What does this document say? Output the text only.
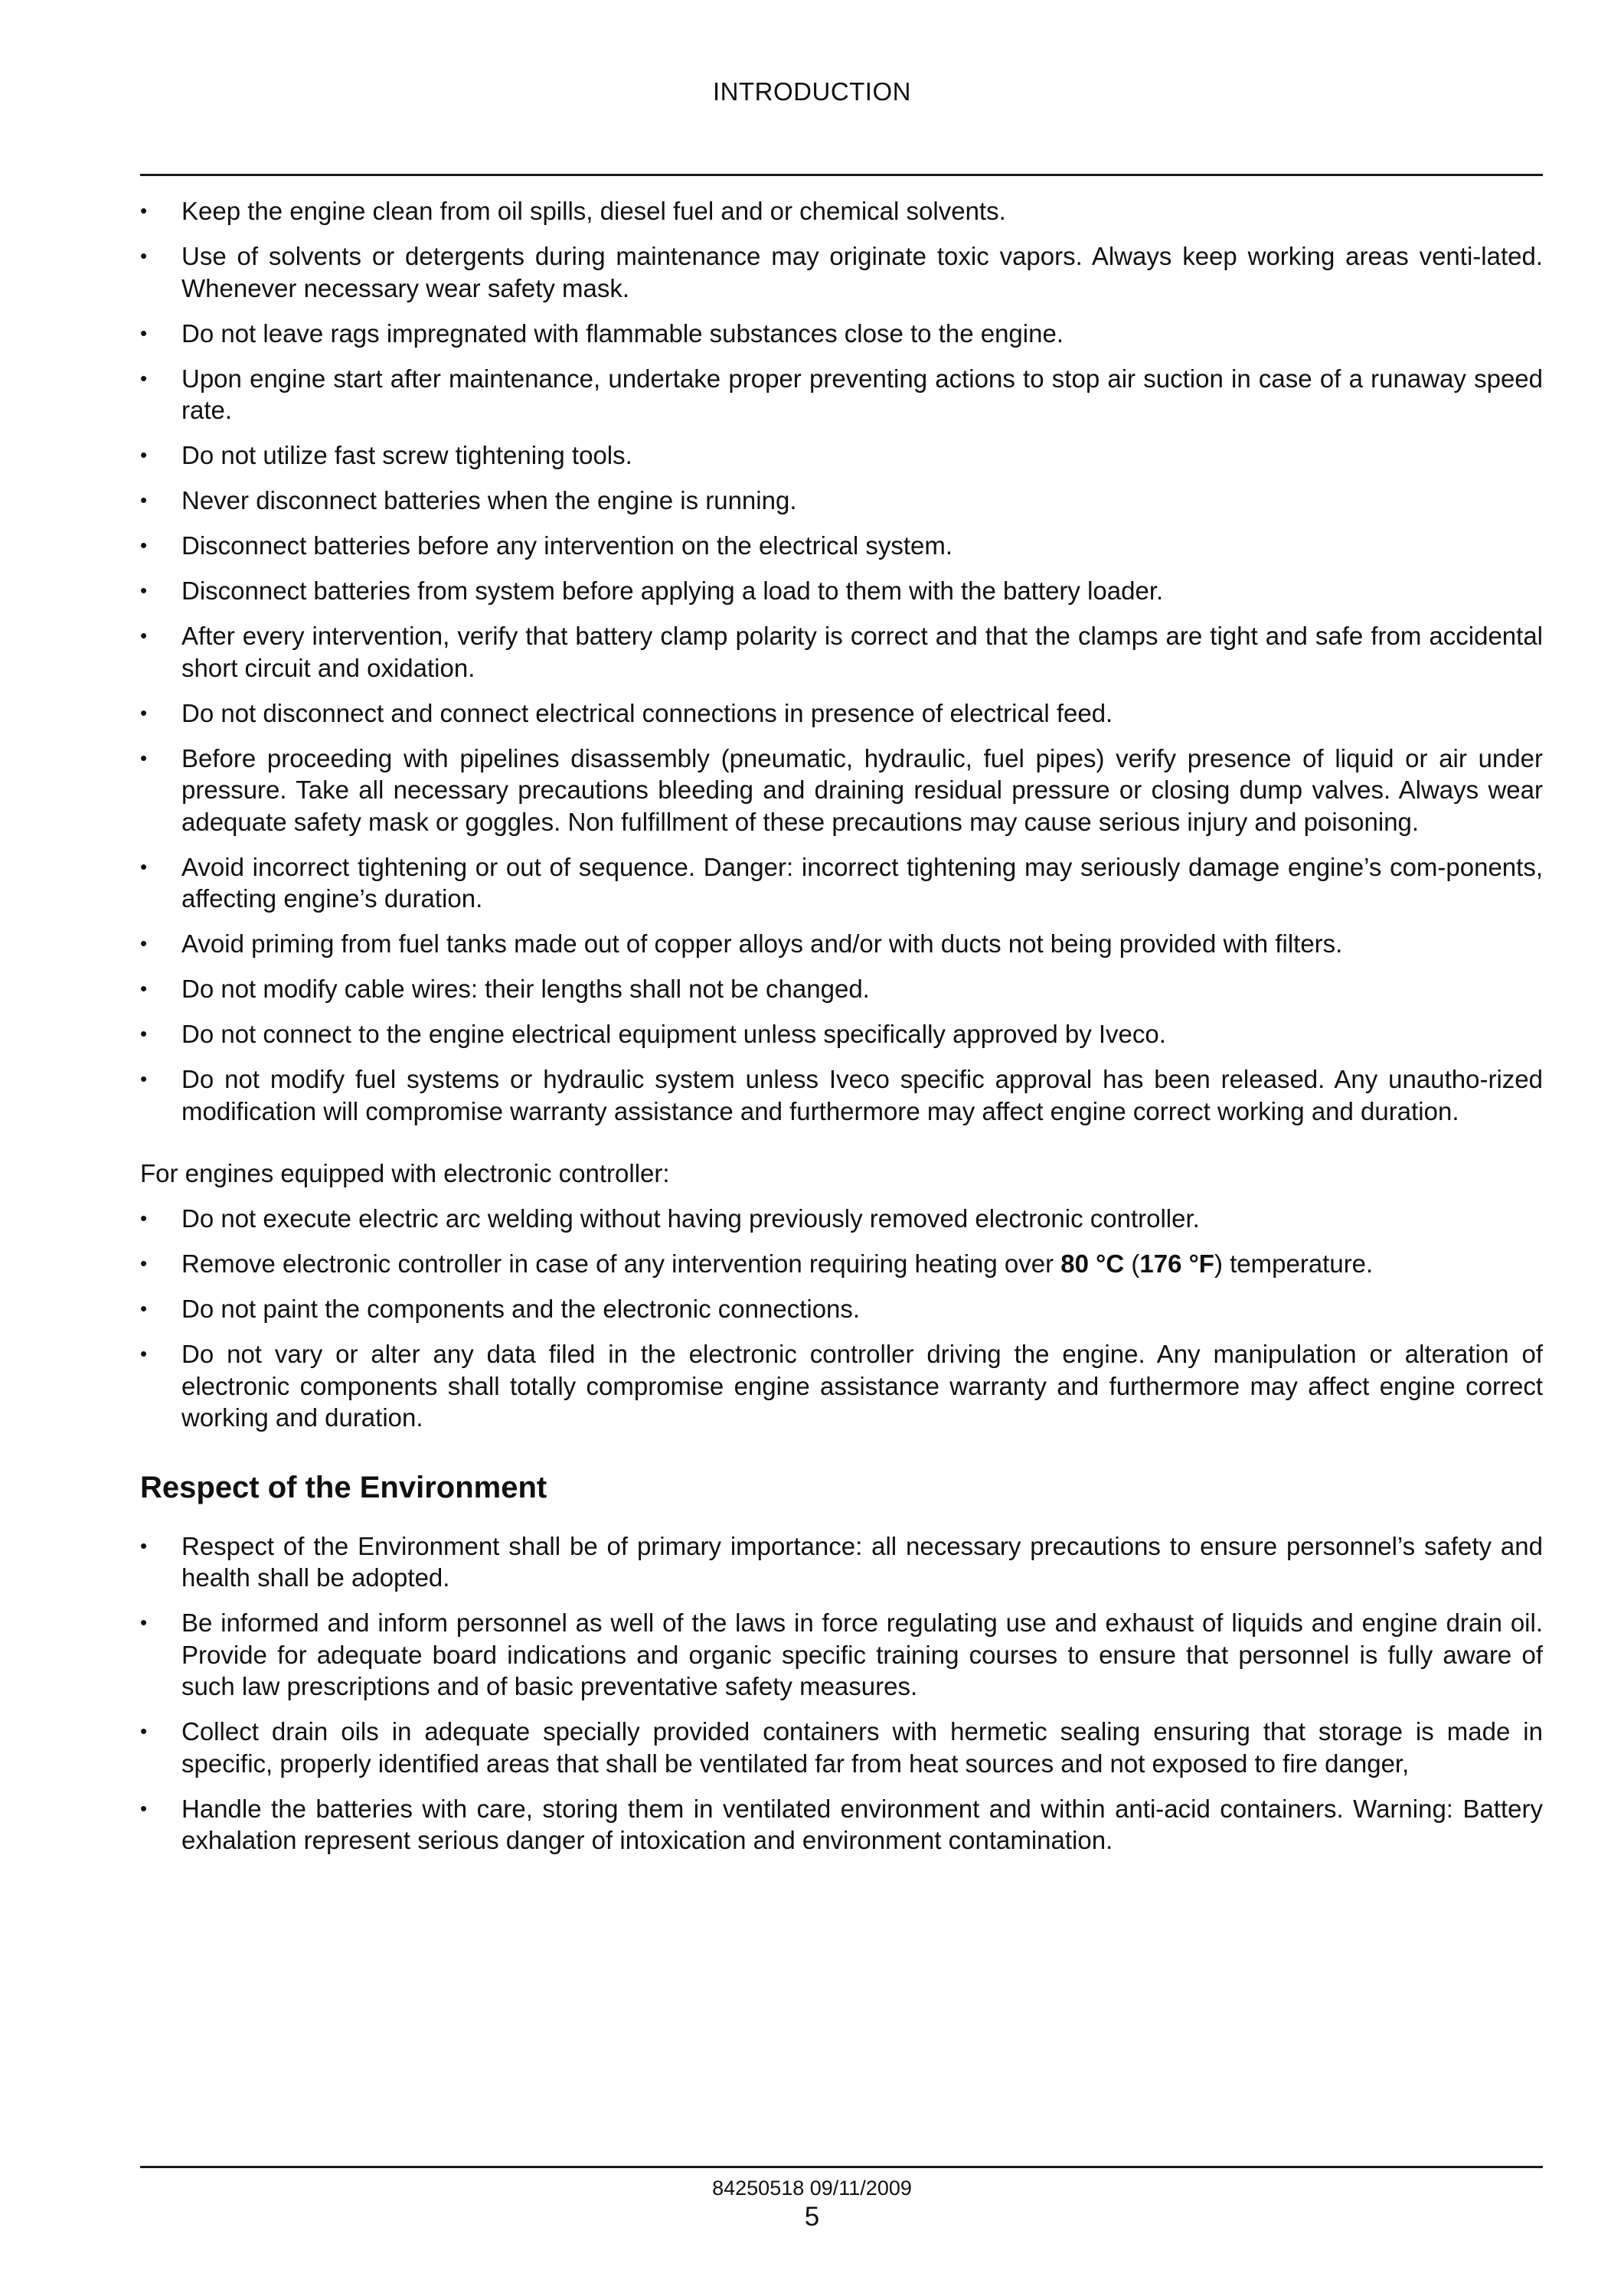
INTRODUCTION
• Keep the engine clean from oil spills, diesel fuel and or chemical solvents.
• Use of solvents or detergents during maintenance may originate toxic vapors. Always keep working areas venti-lated. Whenever necessary wear safety mask.
• Do not leave rags impregnated with flammable substances close to the engine.
• Upon engine start after maintenance, undertake proper preventing actions to stop air suction in case of a runaway speed rate.
• Do not utilize fast screw tightening tools.
• Never disconnect batteries when the engine is running.
• Disconnect batteries before any intervention on the electrical system.
• Disconnect batteries from system before applying a load to them with the battery loader.
• After every intervention, verify that battery clamp polarity is correct and that the clamps are tight and safe from accidental short circuit and oxidation.
• Do not disconnect and connect electrical connections in presence of electrical feed.
• Before proceeding with pipelines disassembly (pneumatic, hydraulic, fuel pipes) verify presence of liquid or air under pressure. Take all necessary precautions bleeding and draining residual pressure or closing dump valves. Always wear adequate safety mask or goggles. Non fulfillment of these precautions may cause serious injury and poisoning.
• Avoid incorrect tightening or out of sequence. Danger: incorrect tightening may seriously damage engine’s com-ponents, affecting engine’s duration.
• Avoid priming from fuel tanks made out of copper alloys and/or with ducts not being provided with filters.
• Do not modify cable wires: their lengths shall not be changed.
• Do not connect to the engine electrical equipment unless specifically approved by Iveco.
• Do not modify fuel systems or hydraulic system unless Iveco specific approval has been released. Any unautho-rized modification will compromise warranty assistance and furthermore may affect engine correct working and duration.

For engines equipped with electronic controller:

• Do not execute electric arc welding without having previously removed electronic controller.
• Remove electronic controller in case of any intervention requiring heating over 80 °C (176 °F) temperature.
• Do not paint the components and the electronic connections.
• Do not vary or alter any data filed in the electronic controller driving the engine. Any manipulation or alteration of electronic components shall totally compromise engine assistance warranty and furthermore may affect engine correct working and duration.
Respect of the Environment
• Respect of the Environment shall be of primary importance: all necessary precautions to ensure personnel’s safety and health shall be adopted.
• Be informed and inform personnel as well of the laws in force regulating use and exhaust of liquids and engine drain oil. Provide for adequate board indications and organic specific training courses to ensure that personnel is fully aware of such law prescriptions and of basic preventative safety measures.
• Collect drain oils in adequate specially provided containers with hermetic sealing ensuring that storage is made in specific, properly identified areas that shall be ventilated far from heat sources and not exposed to fire danger,
• Handle the batteries with care, storing them in ventilated environment and within anti-acid containers. Warning: Battery exhalation represent serious danger of intoxication and environment contamination.
84250518 09/11/2009
5
